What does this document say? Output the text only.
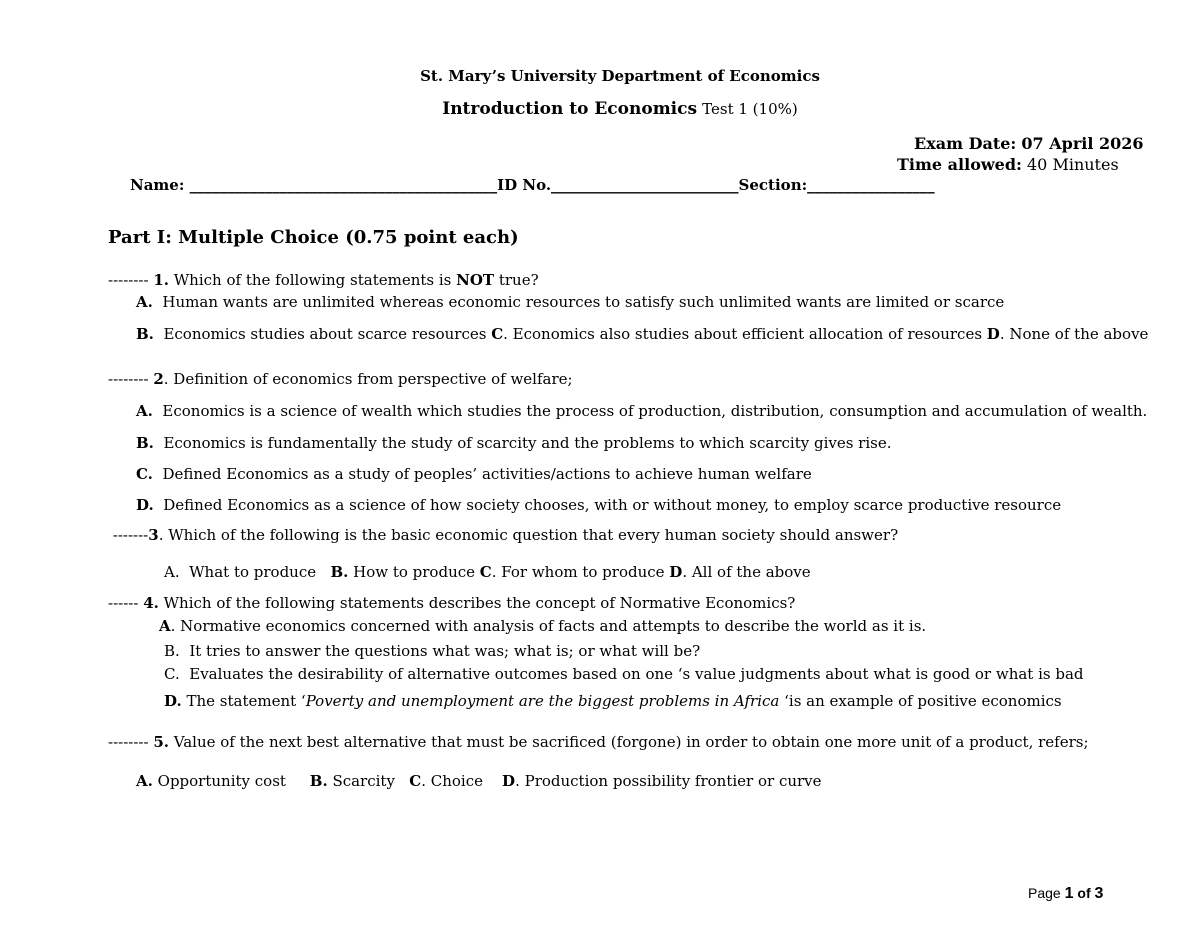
St. Mary’s University Department of Economics
Introduction to Economics Test 1 (10%)
Exam Date: 07 April 2026
Time allowed: 40 Minutes
Name: _________________________________________ID No._________________________Section:_________________
Part I: Multiple Choice (0.75 point each)
-------- 1. Which of the following statements is NOT true?
A. Human wants are unlimited whereas economic resources to satisfy such unlimited wants are limited or scarce
B. Economics studies about scarce resources C. Economics also studies about efficient allocation of resources D. None of the above
-------- 2. Definition of economics from perspective of welfare;
A. Economics is a science of wealth which studies the process of production, distribution, consumption and accumulation of wealth.
B. Economics is fundamentally the study of scarcity and the problems to which scarcity gives rise.
C. Defined Economics as a study of peoples’ activities/actions to achieve human welfare
D. Defined Economics as a science of how society chooses, with or without money, to employ scarce productive resource
-------3. Which of the following is the basic economic question that every human society should answer?
A.  What to produce   B. How to produce C. For whom to produce D. All of the above
------ 4. Which of the following statements describes the concept of Normative Economics?
A. Normative economics concerned with analysis of facts and attempts to describe the world as it is.
B.  It tries to answer the questions what was; what is; or what will be?
C.  Evaluates the desirability of alternative outcomes based on one ‘s value judgments about what is good or what is bad
D. The statement ‘Poverty and unemployment are the biggest problems in Africa ‘is an example of positive economics
-------- 5. Value of the next best alternative that must be sacrificed (forgone) in order to obtain one more unit of a product, refers;
A. Opportunity cost     B. Scarcity   C. Choice    D. Production possibility frontier or curve
Page 1 of 3
